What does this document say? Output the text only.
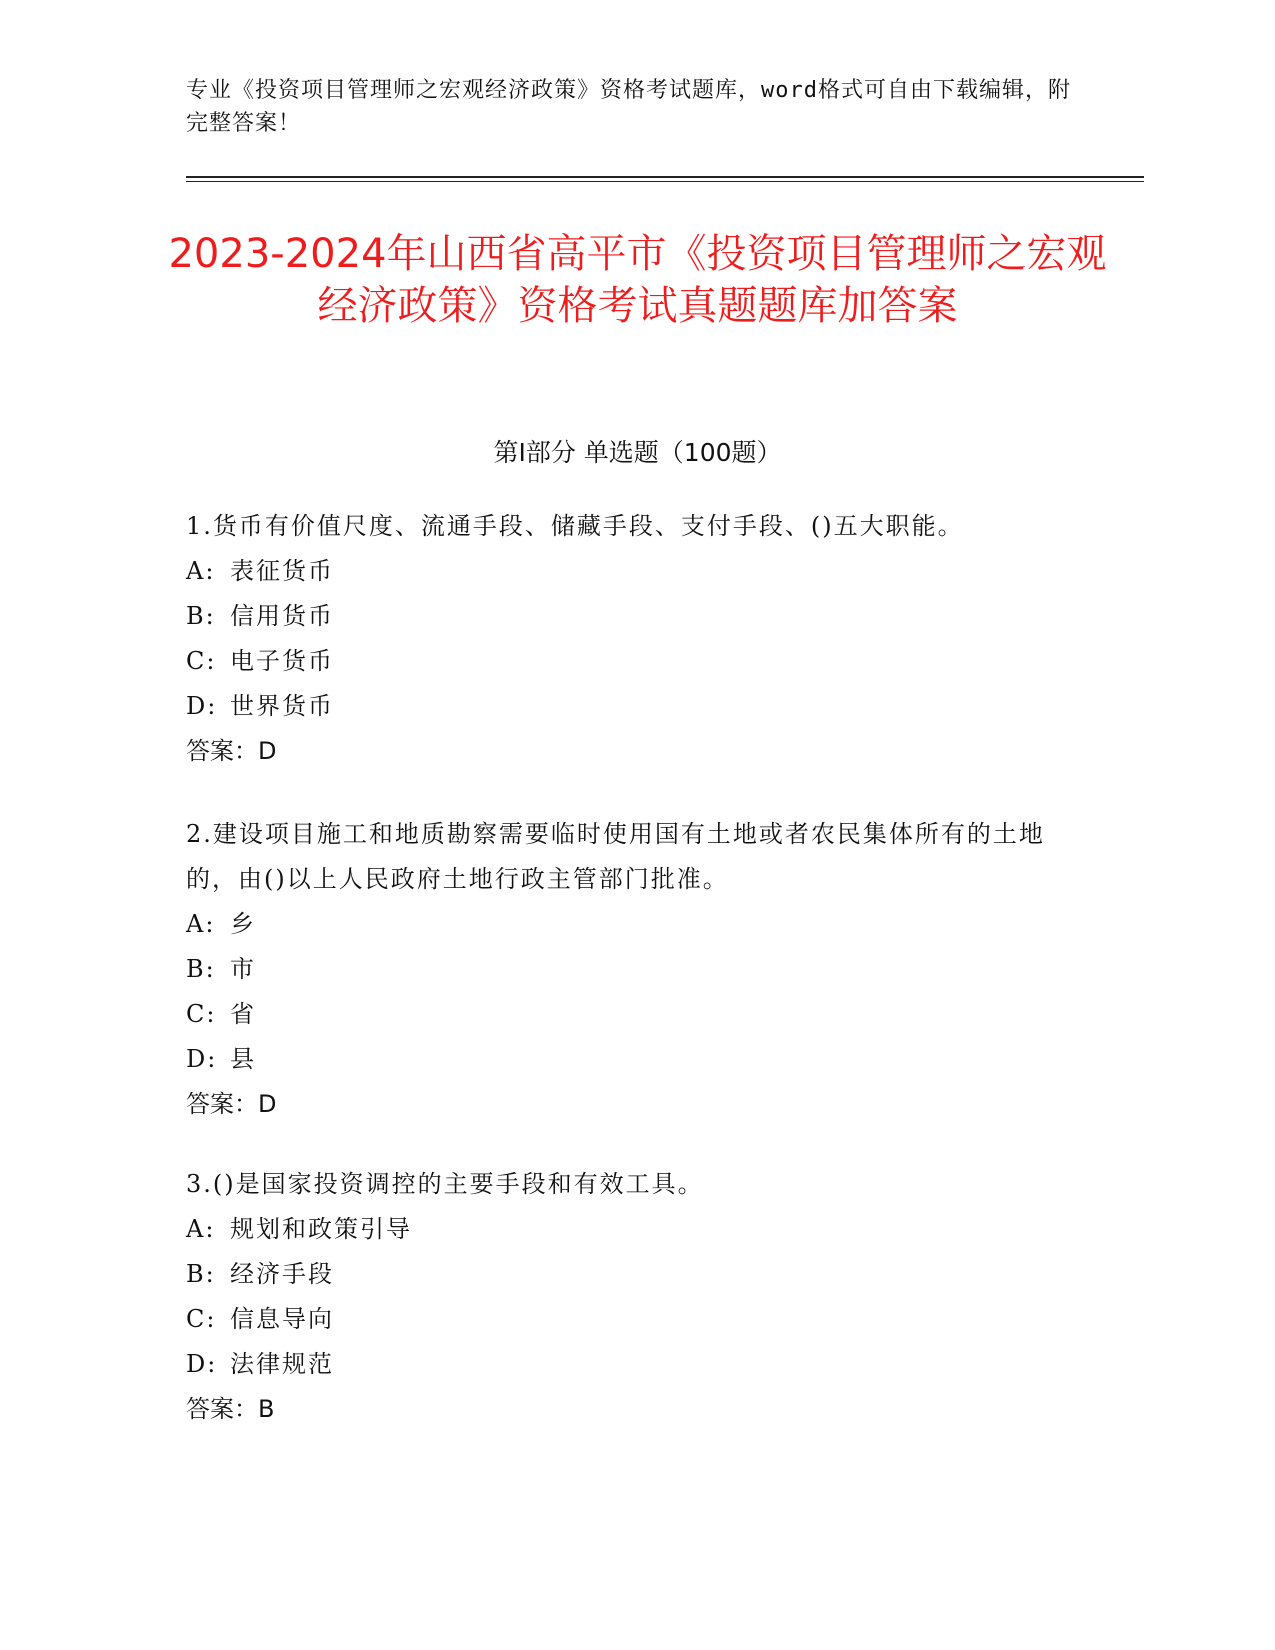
专业《投资项目管理师之宏观经济政策》资格考试题库，word格式可自由下载编辑，附完整答案！
2023-2024年山西省高平市《投资项目管理师之宏观经济政策》资格考试真题题库加答案
第I部分 单选题（100题）
1.货币有价值尺度、流通手段、储藏手段、支付手段、()五大职能。
A: 表征货币
B: 信用货币
C: 电子货币
D: 世界货币
答案：D
2.建设项目施工和地质勘察需要临时使用国有土地或者农民集体所有的土地的，由()以上人民政府土地行政主管部门批准。
A: 乡
B: 市
C: 省
D: 县
答案：D
3.()是国家投资调控的主要手段和有效工具。
A: 规划和政策引导
B: 经济手段
C: 信息导向
D: 法律规范
答案：B
